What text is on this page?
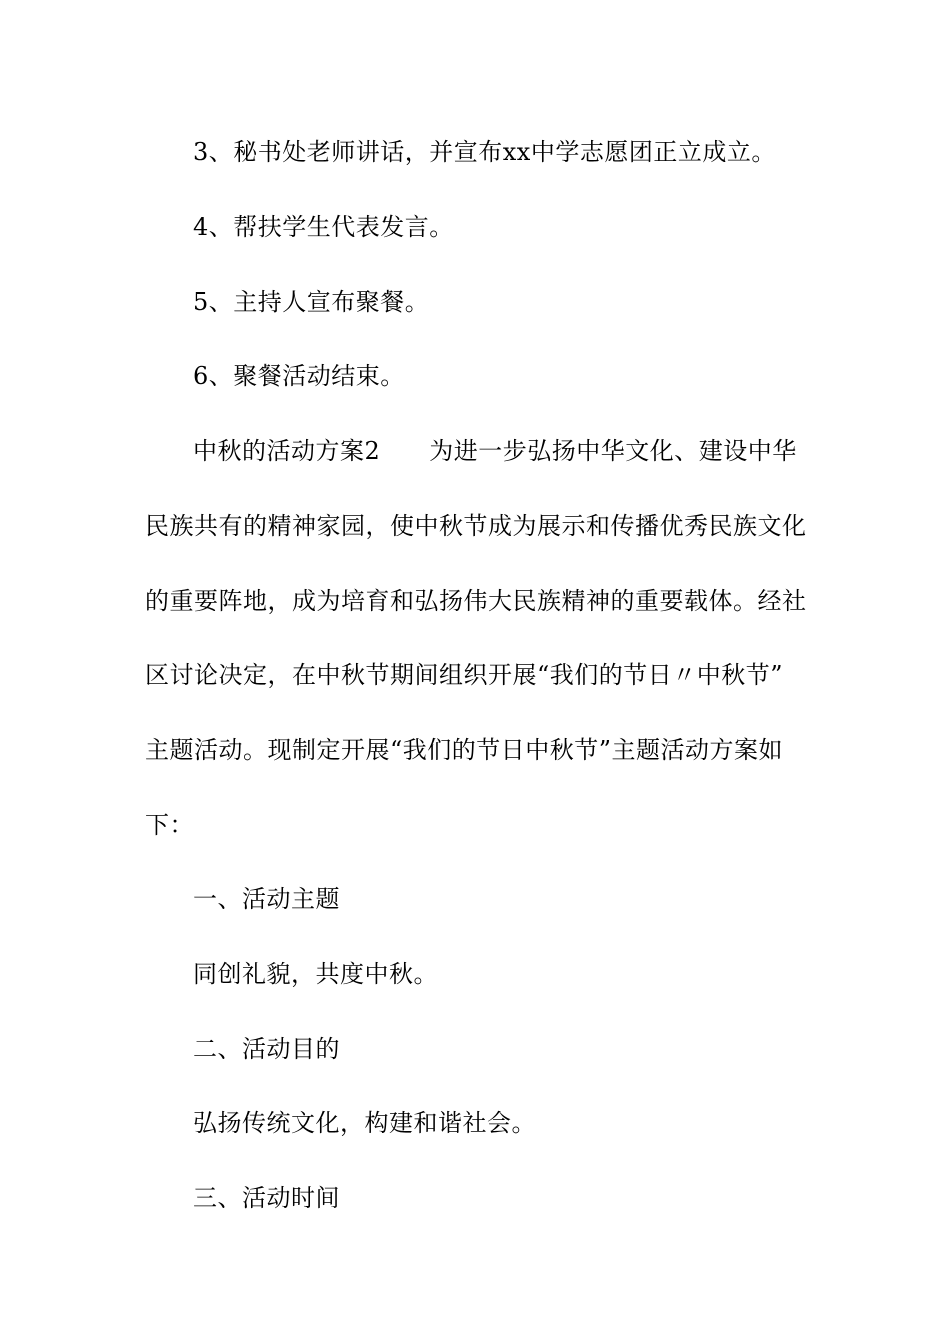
3、秘书处老师讲话，并宣布xx中学志愿团正立成立。
4、帮扶学生代表发言。
5、主持人宣布聚餐。
6、聚餐活动结束。
中秋的活动方案2　　为进一步弘扬中华文化、建设中华
民族共有的精神家园，使中秋节成为展示和传播优秀民族文化
的重要阵地，成为培育和弘扬伟大民族精神的重要载体。经社
区讨论决定，在中秋节期间组织开展“我们的节日〃中秋节”
主题活动。现制定开展“我们的节日中秋节”主题活动方案如
下：
一、活动主题
同创礼貌，共度中秋。
二、活动目的
弘扬传统文化，构建和谐社会。
三、活动时间
